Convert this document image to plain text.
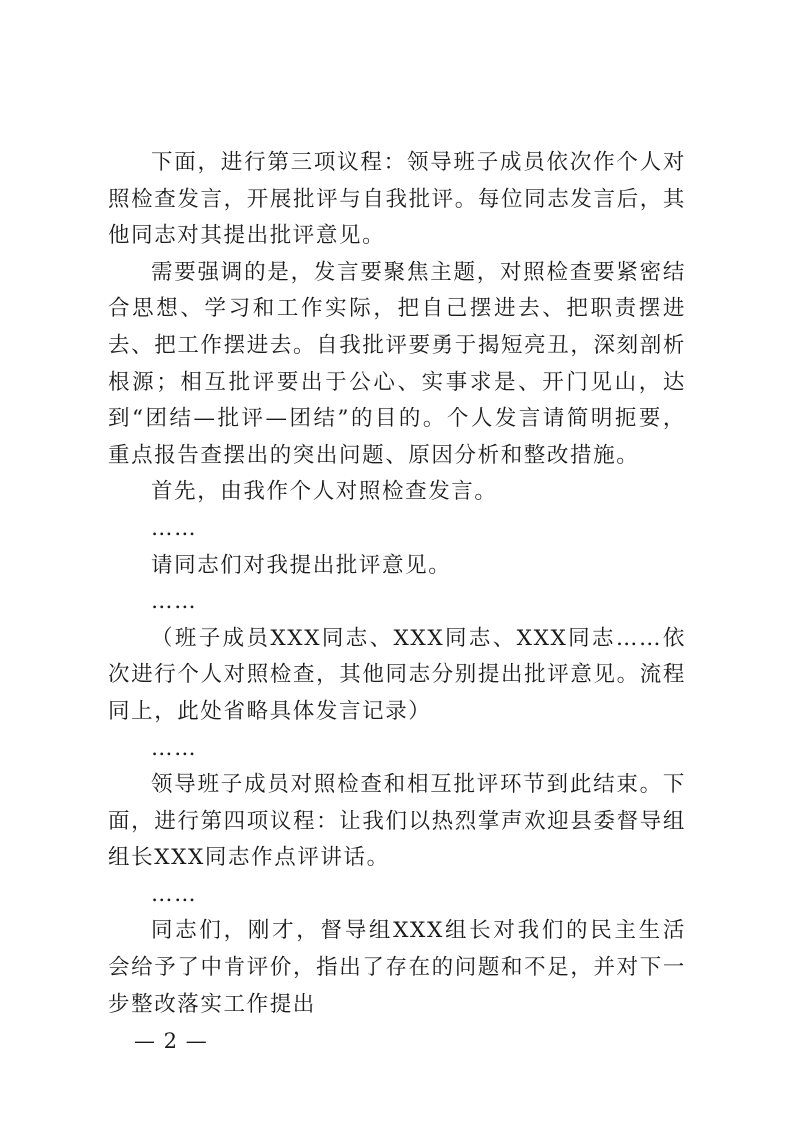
下面，进行第三项议程：领导班子成员依次作个人对照检查发言，开展批评与自我批评。每位同志发言后，其他同志对其提出批评意见。

需要强调的是，发言要聚焦主题，对照检查要紧密结合思想、学习和工作实际，把自己摆进去、把职责摆进去、把工作摆进去。自我批评要勇于揭短亮丑，深刻剖析根源；相互批评要出于公心、实事求是、开门见山，达到“团结—批评—团结”的目的。个人发言请简明扼要，重点报告查摆出的突出问题、原因分析和整改措施。

首先，由我作个人对照检查发言。

……

请同志们对我提出批评意见。

……

（班子成员XXX同志、XXX同志、XXX同志……依次进行个人对照检查，其他同志分别提出批评意见。流程同上，此处省略具体发言记录）

……

领导班子成员对照检查和相互批评环节到此结束。下面，进行第四项议程：让我们以热烈掌声欢迎县委督导组组长XXX同志作点评讲话。

……

同志们，刚才，督导组XXX组长对我们的民主生活会给予了中肯评价，指出了存在的问题和不足，并对下一步整改落实工作提出

— 2 —
